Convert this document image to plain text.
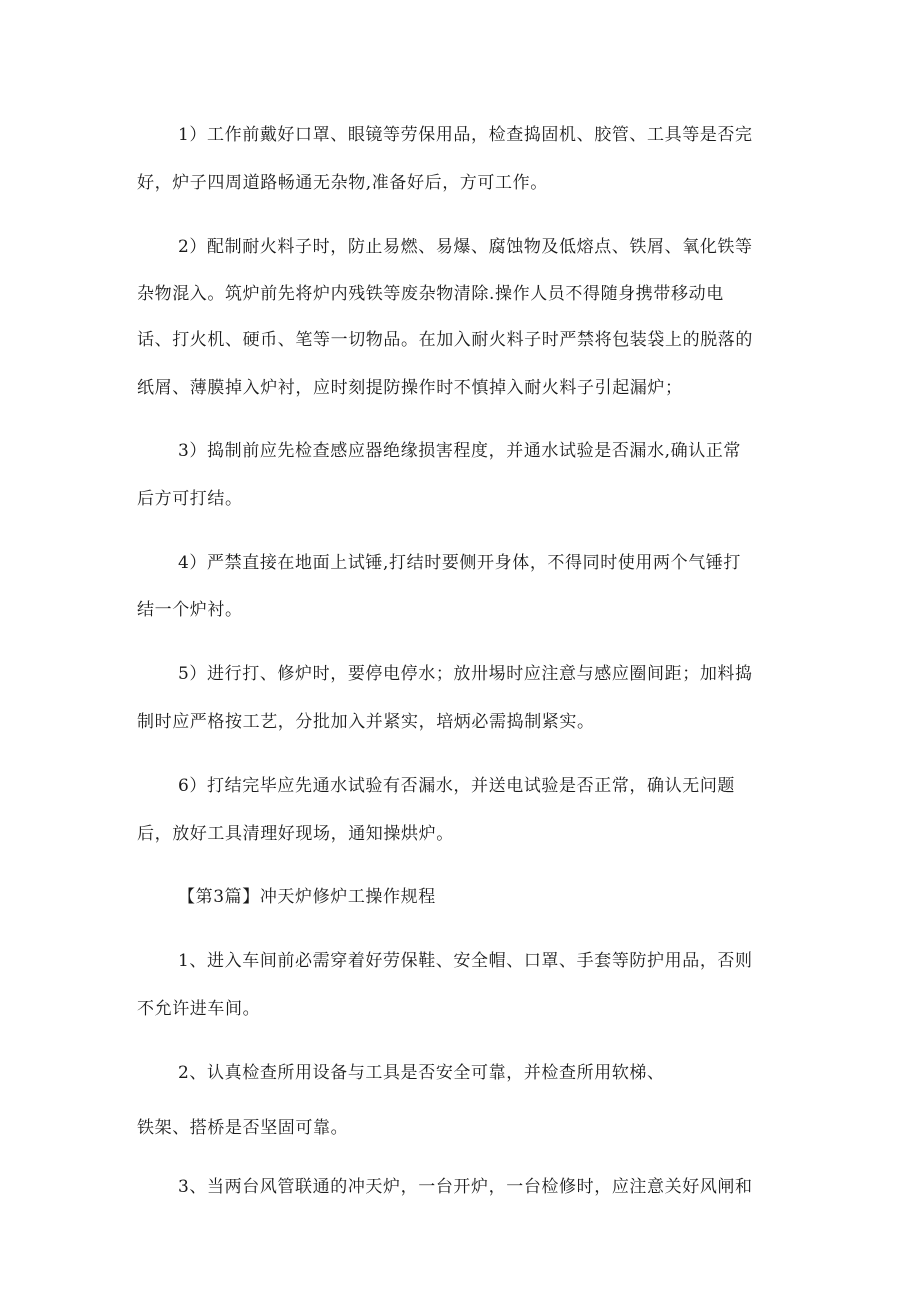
1）工作前戴好口罩、眼镜等劳保用品，检查捣固机、胶管、工具等是否完
好，炉子四周道路畅通无杂物,准备好后，方可工作。
2）配制耐火料子时，防止易燃、易爆、腐蚀物及低熔点、铁屑、氧化铁等
杂物混入。筑炉前先将炉内残铁等废杂物清除.操作人员不得随身携带移动电
话、打火机、硬币、笔等一切物品。在加入耐火料子时严禁将包装袋上的脱落的
纸屑、薄膜掉入炉衬，应时刻提防操作时不慎掉入耐火料子引起漏炉；
3）捣制前应先检查感应器绝缘损害程度，并通水试验是否漏水,确认正常
后方可打结。
4）严禁直接在地面上试锤,打结时要侧开身体，不得同时使用两个气锤打
结一个炉衬。
5）进行打、修炉时，要停电停水；放卅埸时应注意与感应圈间距；加料捣
制时应严格按工艺，分批加入并紧实，培炳必需捣制紧实。
6）打结完毕应先通水试验有否漏水，并送电试验是否正常，确认无问题
后，放好工具清理好现场，通知操烘炉。
【第3篇】冲天炉修炉工操作规程
1、进入车间前必需穿着好劳保鞋、安全帽、口罩、手套等防护用品，否则
不允许进车间。
2、认真检查所用设备与工具是否安全可靠，并检查所用软梯、
铁架、搭桥是否坚固可靠。
3、当两台风管联通的冲天炉，一台开炉，一台检修时，应注意关好风闸和
